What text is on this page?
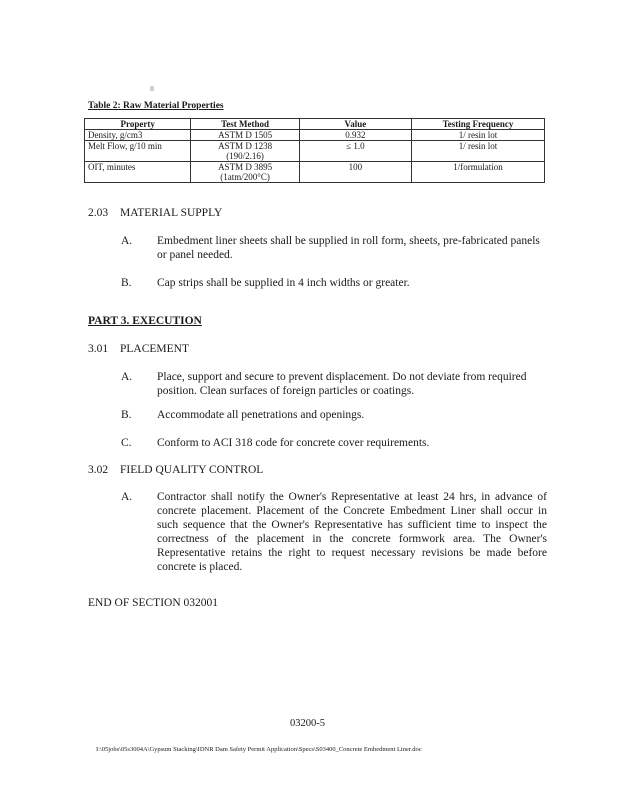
Table 2: Raw Material Properties
Property	Test Method	Value	Testing Frequency
Density, g/cm3	ASTM D 1505	0.932	1/ resin lot
Melt Flow, g/10 min	ASTM D 1238 (190/2.16)	≤ 1.0	1/ resin lot
OIT, minutes	ASTM D 3895 (1atm/200°C)	100	1/formulation
2.03 MATERIAL SUPPLY
A. Embedment liner sheets shall be supplied in roll form, sheets, pre-fabricated panels or panel needed.
B. Cap strips shall be supplied in 4 inch widths or greater.
PART 3. EXECUTION
3.01 PLACEMENT
A. Place, support and secure to prevent displacement. Do not deviate from required position. Clean surfaces of foreign particles or coatings.
B. Accommodate all penetrations and openings.
C. Conform to ACI 318 code for concrete cover requirements.
3.02 FIELD QUALITY CONTROL
A. Contractor shall notify the Owner's Representative at least 24 hrs, in advance of concrete placement. Placement of the Concrete Embedment Liner shall occur in such sequence that the Owner's Representative has sufficient time to inspect the correctness of the placement in the concrete formwork area. The Owner's Representative retains the right to request necessary revisions be made before concrete is placed.
END OF SECTION 032001
03200-5
I:\05jobs\05s3004A\Gypsum Stacking\IDNR Dam Safety Permit Application\Specs\S03400_Concrete Embedment Liner.doc
